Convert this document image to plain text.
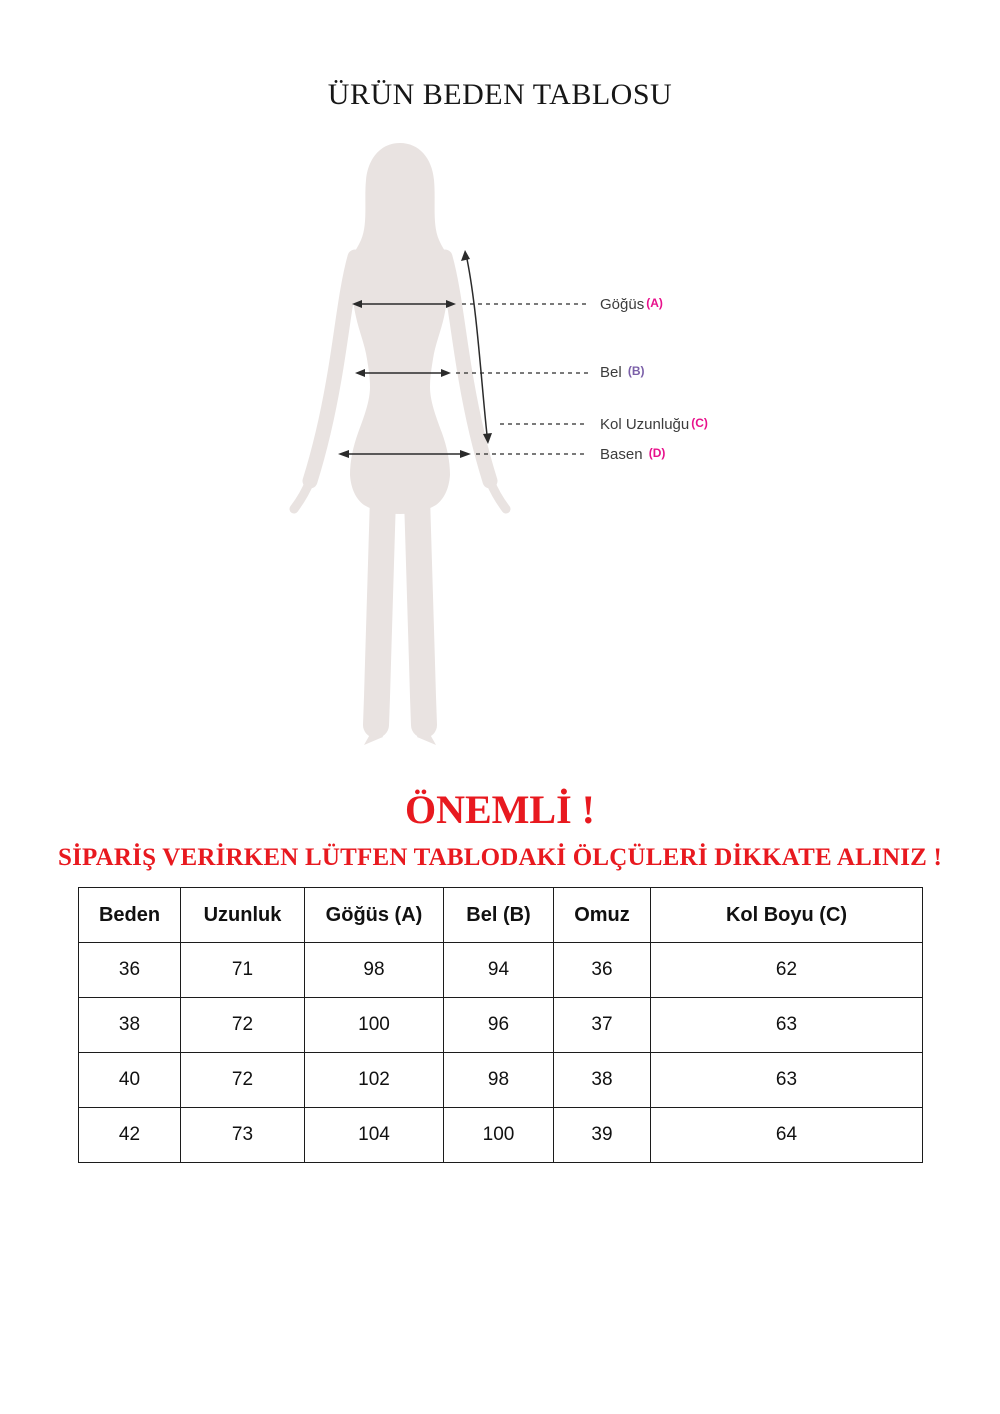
ÜRÜN BEDEN TABLOSU
Göğüs (A)
Bel (B)
Kol Uzunluğu (C)
Basen (D)
ÖNEMLİ !
SİPARİŞ VERİRKEN LÜTFEN TABLODAKİ ÖLÇÜLERİ DİKKATE ALINIZ !
Beden	Uzunluk	Göğüs (A)	Bel (B)	Omuz	Kol Boyu (C)
36	71	98	94	36	62
38	72	100	96	37	63
40	72	102	98	38	63
42	73	104	100	39	64
